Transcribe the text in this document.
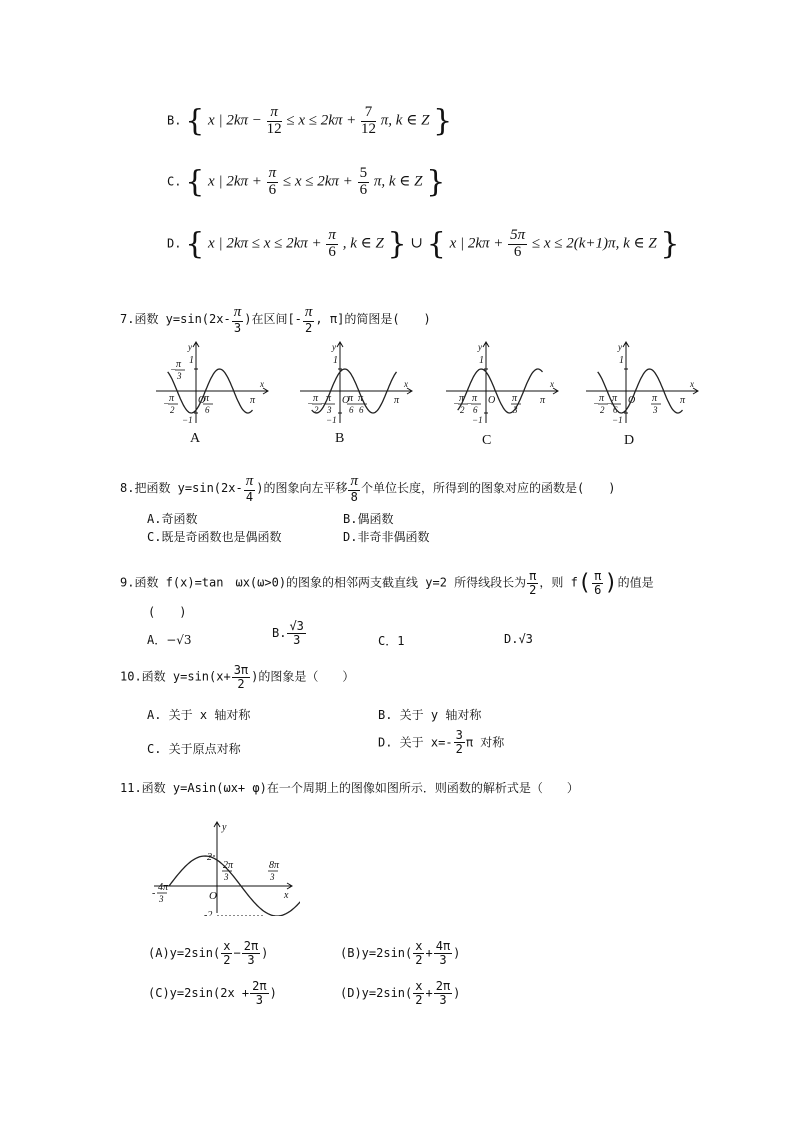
B. { x | $2k\pi - \frac{\pi}{12} \le x \le 2k\pi + \frac{7}{12} \pi$, k ∈ Z }
C. { x | $2k\pi + \frac{\pi}{6} \le x \le 2k\pi + \frac{5}{6} \pi$, k ∈ Z }
D. { x | $2k\pi \le x \le 2k\pi + \frac{\pi}{6}$ , k ∈ Z } ∪ { x | $2k\pi + \frac{5\pi}{6} \le x \le 2(k+1)\pi$, k ∈ Z }
7.函数 $y=\sin(2x- \frac{\pi}{3}$ )在区间[- $\frac{\pi}{2}$ , π]的简图是(　　)
y
x
1
−1
O	π
−
π
2
π
6
−
π
3
y
x
1
−1
O	π
−
π
2
π
6
−
π
3
π
6
y
x
1
−1
O	π
−
π
2 −
π
6
π
3
y
x
1
−1
O	π
−
π
2 −
π
6
π
3
A	B	C	D
8.把函数 $y=\sin(2x- \frac{\pi}{4}$ )的图象向左平移 $\frac{\pi}{8}$ 个单位长度，所得到的图象对应的函数是(　　)
A.奇函数	B.偶函数
C.既是奇函数也是偶函数	D.非奇非偶函数
9.函数 f(x)=tan　ωx(ω>0)的图象的相邻两支截直线 y=2 所得线段长为 $\frac{\pi}{2}$ ，则 $f( \frac{\pi}{6}$ )的值是
(　　)
A．−√3	B. $\frac{√3}{3}$	C．1	D.√3
10.函数 $y=\sin(x+ \frac{3\pi}{2}$ )的图象是（　　）
A. 关于 x 轴对称	B. 关于 y 轴对称
C. 关于原点对称	D. 关于 $x=- \frac{3}{2}$ π 对称
11.函数 y=Asin(ωx+ φ)在一个周期上的图像如图所示．则函数的解析式是（　　）
y
x
O
2
-2
-
4π
3
2π
3
8π
3
$(A)y=2\sin( \frac{x}{2} - \frac{2\pi}{3}$ )	$(B)y=2\sin( \frac{x}{2} + \frac{4\pi}{3}$ )
$(C)y=2\sin(2x + \frac{2\pi}{3}$ )	$(D)y=2\sin( \frac{x}{2} + \frac{2\pi}{3}$ )
